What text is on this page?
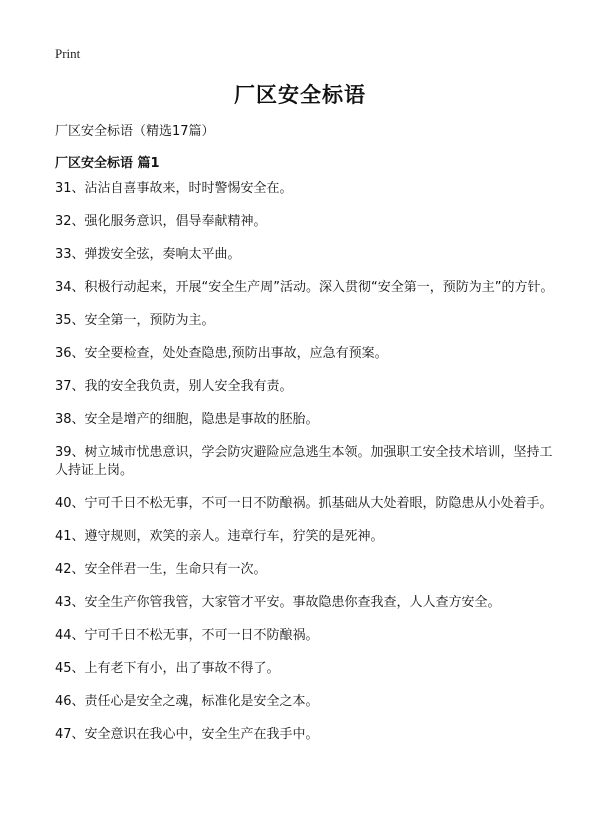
Print
厂区安全标语

厂区安全标语（精选17篇）

厂区安全标语 篇1
31、沾沾自喜事故来，时时警惕安全在。
32、强化服务意识，倡导奉献精神。
33、弹拨安全弦，奏响太平曲。
34、积极行动起来，开展“安全生产周”活动。深入贯彻“安全第一，预防为主”的方针。
35、安全第一，预防为主。
36、安全要检查，处处查隐患,预防出事故，应急有预案。
37、我的安全我负责，别人安全我有责。
38、安全是增产的细胞，隐患是事故的胚胎。
39、树立城市忧患意识，学会防灾避险应急逃生本领。加强职工安全技术培训，坚持工人持证上岗。
40、宁可千日不松无事，不可一日不防酿祸。抓基础从大处着眼，防隐患从小处着手。
41、遵守规则，欢笑的亲人。违章行车，狞笑的是死神。
42、安全伴君一生，生命只有一次。
43、安全生产你管我管，大家管才平安。事故隐患你查我查，人人查方安全。
44、宁可千日不松无事，不可一日不防酿祸。
45、上有老下有小，出了事故不得了。
46、责任心是安全之魂，标准化是安全之本。
47、安全意识在我心中，安全生产在我手中。
